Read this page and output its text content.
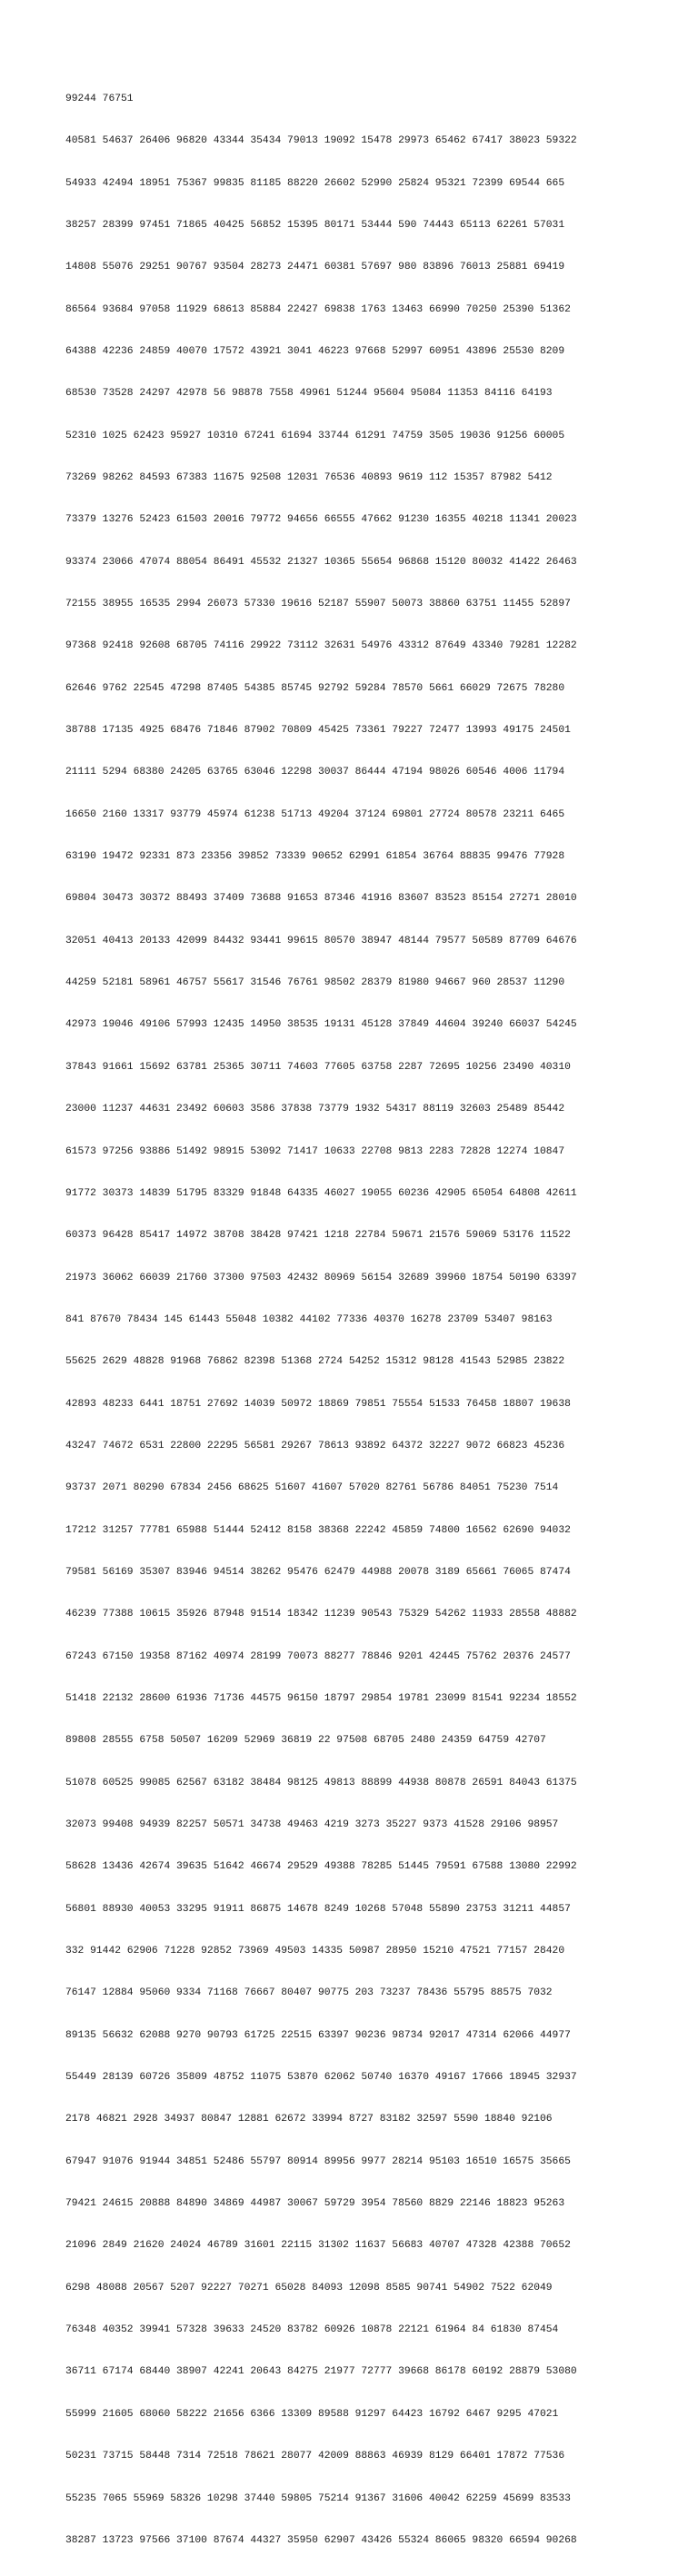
99244 76751

40581 54637 26406 96820 43344 35434 79013 19092 15478 29973 65462 67417 38023 59322

54933 42494 18951 75367 99835 81185 88220 26602 52990 25824 95321 72399 69544 665

38257 28399 97451 71865 40425 56852 15395 80171 53444 590 74443 65113 62261 57031

14808 55076 29251 90767 93504 28273 24471 60381 57697 980 83896 76013 25881 69419

86564 93684 97058 11929 68613 85884 22427 69838 1763 13463 66990 70250 25390 51362

64388 42236 24859 40070 17572 43921 3041 46223 97668 52997 60951 43896 25530 8209

68530 73528 24297 42978 56 98878 7558 49961 51244 95604 95084 11353 84116 64193

52310 1025 62423 95927 10310 67241 61694 33744 61291 74759 3505 19036 91256 60005

73269 98262 84593 67383 11675 92508 12031 76536 40893 9619 112 15357 87982 5412

73379 13276 52423 61503 20016 79772 94656 66555 47662 91230 16355 40218 11341 20023

93374 23066 47074 88054 86491 45532 21327 10365 55654 96868 15120 80032 41422 26463

72155 38955 16535 2994 26073 57330 19616 52187 55907 50073 38860 63751 11455 52897

97368 92418 92608 68705 74116 29922 73112 32631 54976 43312 87649 43340 79281 12282

62646 9762 22545 47298 87405 54385 85745 92792 59284 78570 5661 66029 72675 78280

38788 17135 4925 68476 71846 87902 70809 45425 73361 79227 72477 13993 49175 24501

21111 5294 68380 24205 63765 63046 12298 30037 86444 47194 98026 60546 4006 11794

16650 2160 13317 93779 45974 61238 51713 49204 37124 69801 27724 80578 23211 6465

63190 19472 92331 873 23356 39852 73339 90652 62991 61854 36764 88835 99476 77928

69804 30473 30372 88493 37409 73688 91653 87346 41916 83607 83523 85154 27271 28010

32051 40413 20133 42099 84432 93441 99615 80570 38947 48144 79577 50589 87709 64676

44259 52181 58961 46757 55617 31546 76761 98502 28379 81980 94667 960 28537 11290

42973 19046 49106 57993 12435 14950 38535 19131 45128 37849 44604 39240 66037 54245

37843 91661 15692 63781 25365 30711 74603 77605 63758 2287 72695 10256 23490 40310

23000 11237 44631 23492 60603 3586 37838 73779 1932 54317 88119 32603 25489 85442

61573 97256 93886 51492 98915 53092 71417 10633 22708 9813 2283 72828 12274 10847

91772 30373 14839 51795 83329 91848 64335 46027 19055 60236 42905 65054 64808 42611

60373 96428 85417 14972 38708 38428 97421 1218 22784 59671 21576 59069 53176 11522

21973 36062 66039 21760 37300 97503 42432 80969 56154 32689 39960 18754 50190 63397

841 87670 78434 145 61443 55048 10382 44102 77336 40370 16278 23709 53407 98163

55625 2629 48828 91968 76862 82398 51368 2724 54252 15312 98128 41543 52985 23822

42893 48233 6441 18751 27692 14039 50972 18869 79851 75554 51533 76458 18807 19638

43247 74672 6531 22800 22295 56581 29267 78613 93892 64372 32227 9072 66823 45236

93737 2071 80290 67834 2456 68625 51607 41607 57020 82761 56786 84051 75230 7514

17212 31257 77781 65988 51444 52412 8158 38368 22242 45859 74800 16562 62690 94032

79581 56169 35307 83946 94514 38262 95476 62479 44988 20078 3189 65661 76065 87474

46239 77388 10615 35926 87948 91514 18342 11239 90543 75329 54262 11933 28558 48882

67243 67150 19358 87162 40974 28199 70073 88277 78846 9201 42445 75762 20376 24577

51418 22132 28600 61936 71736 44575 96150 18797 29854 19781 23099 81541 92234 18552

89808 28555 6758 50507 16209 52969 36819 22 97508 68705 2480 24359 64759 42707

51078 60525 99085 62567 63182 38484 98125 49813 88899 44938 80878 26591 84043 61375

32073 99408 94939 82257 50571 34738 49463 4219 3273 35227 9373 41528 29106 98957

58628 13436 42674 39635 51642 46674 29529 49388 78285 51445 79591 67588 13080 22992

56801 88930 40053 33295 91911 86875 14678 8249 10268 57048 55890 23753 31211 44857

332 91442 62906 71228 92852 73969 49503 14335 50987 28950 15210 47521 77157 28420

76147 12884 95060 9334 71168 76667 80407 90775 203 73237 78436 55795 88575 7032

89135 56632 62088 9270 90793 61725 22515 63397 90236 98734 92017 47314 62066 44977

55449 28139 60726 35809 48752 11075 53870 62062 50740 16370 49167 17666 18945 32937

2178 46821 2928 34937 80847 12881 62672 33994 8727 83182 32597 5590 18840 92106

67947 91076 91944 34851 52486 55797 80914 89956 9977 28214 95103 16510 16575 35665

79421 24615 20888 84890 34869 44987 30067 59729 3954 78560 8829 22146 18823 95263

21096 2849 21620 24024 46789 31601 22115 31302 11637 56683 40707 47328 42388 70652

6298 48088 20567 5207 92227 70271 65028 84093 12098 8585 90741 54902 7522 62049

76348 40352 39941 57328 39633 24520 83782 60926 10878 22121 61964 84 61830 87454

36711 67174 68440 38907 42241 20643 84275 21977 72777 39668 86178 60192 28879 53080

55999 21605 68060 58222 21656 6366 13309 89588 91297 64423 16792 6467 9295 47021

50231 73715 58448 7314 72518 78621 28077 42009 88863 46939 8129 66401 17872 77536

55235 7065 55969 58326 10298 37440 59805 75214 91367 31606 40042 62259 45699 83533

38287 13723 97566 37100 87674 44327 35950 62907 43426 55324 86065 98320 66594 90268
